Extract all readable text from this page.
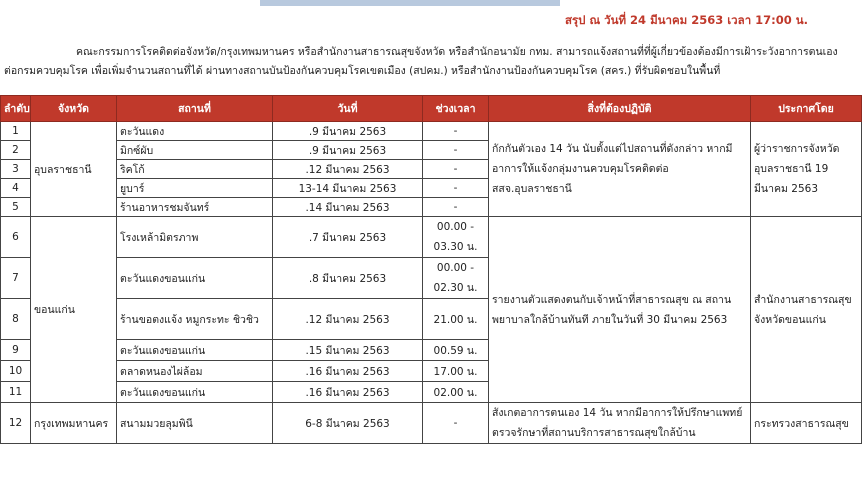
สรุป ณ วันที่ 24 มีนาคม 2563 เวลา 17:00 น.
คณะกรรมการโรคติดต่อจังหวัด/กรุงเทพมหานคร หรือสำนักงานสาธารณสุขจังหวัด หรือสำนักอนามัย กทม. สามารถแจ้งสถานที่ที่ผู้เกี่ยวข้องต้องมีการเฝ้าระวังอาการตนเอง
ต่อกรมควบคุมโรค เพื่อเพิ่มจำนวนสถานที่ได้ ผ่านทางสถานบันป้องกันควบคุมโรคเขตเมือง (สปคม.) หรือสำนักงานป้องกันควบคุมโรค (สคร.) ที่รับผิดชอบในพื้นที่
ลำดับ	จังหวัด	สถานที่	วันที่	ช่วงเวลา	สิ่งที่ต้องปฏิบัติ	ประกาศโดย
1	อุบลราชธานี	ตะวันแดง	.9 มีนาคม 2563	-	กักกันตัวเอง 14 วัน นับตั้งแต่ไปสถานที่ดังกล่าว หากมีอาการให้แจ้งกลุ่มงานควบคุมโรคติดต่อ สสจ.อุบลราชธานี	ผู้ว่าราชการจังหวัดอุบลราชธานี 19 มีนาคม 2563
2		มิกซ์ผับ	.9 มีนาคม 2563	-		
3		ริคโก้	.12 มีนาคม 2563	-		
4		ยูบาร์	13-14 มีนาคม 2563	-		
5		ร้านอาหารชมจันทร์	.14 มีนาคม 2563	-		
6	ขอนแก่น	โรงเหล้ามิตรภาพ	.7 มีนาคม 2563	00.00 - 03.30 น.	รายงานตัวแสดงตนกับเจ้าหน้าที่สาธารณสุข ณ สถานพยาบาลใกล้บ้านทันที ภายในวันที่ 30 มีนาคม 2563	สำนักงานสาธารณสุขจังหวัดขอนแก่น
7		ตะวันแดงขอนแก่น	.8 มีนาคม 2563	00.00 - 02.30 น.		
8		ร้านขอตงแจ้ง หมูกระทะ ชิวชิว	.12 มีนาคม 2563	21.00 น.		
9		ตะวันแดงขอนแก่น	.15 มีนาคม 2563	00.59 น.		
10		ตลาดหนองไผ่ล้อม	.16 มีนาคม 2563	17.00 น.		
11		ตะวันแดงขอนแก่น	.16 มีนาคม 2563	02.00 น.		
12	กรุงเทพมหานคร	สนามมวยลุมพินี	6-8 มีนาคม 2563	-	สังเกตอาการตนเอง 14 วัน หากมีอาการให้ปรึกษาแพทย์ ตรวจรักษาที่สถานบริการสาธารณสุขใกล้บ้าน	กระทรวงสาธารณสุข
